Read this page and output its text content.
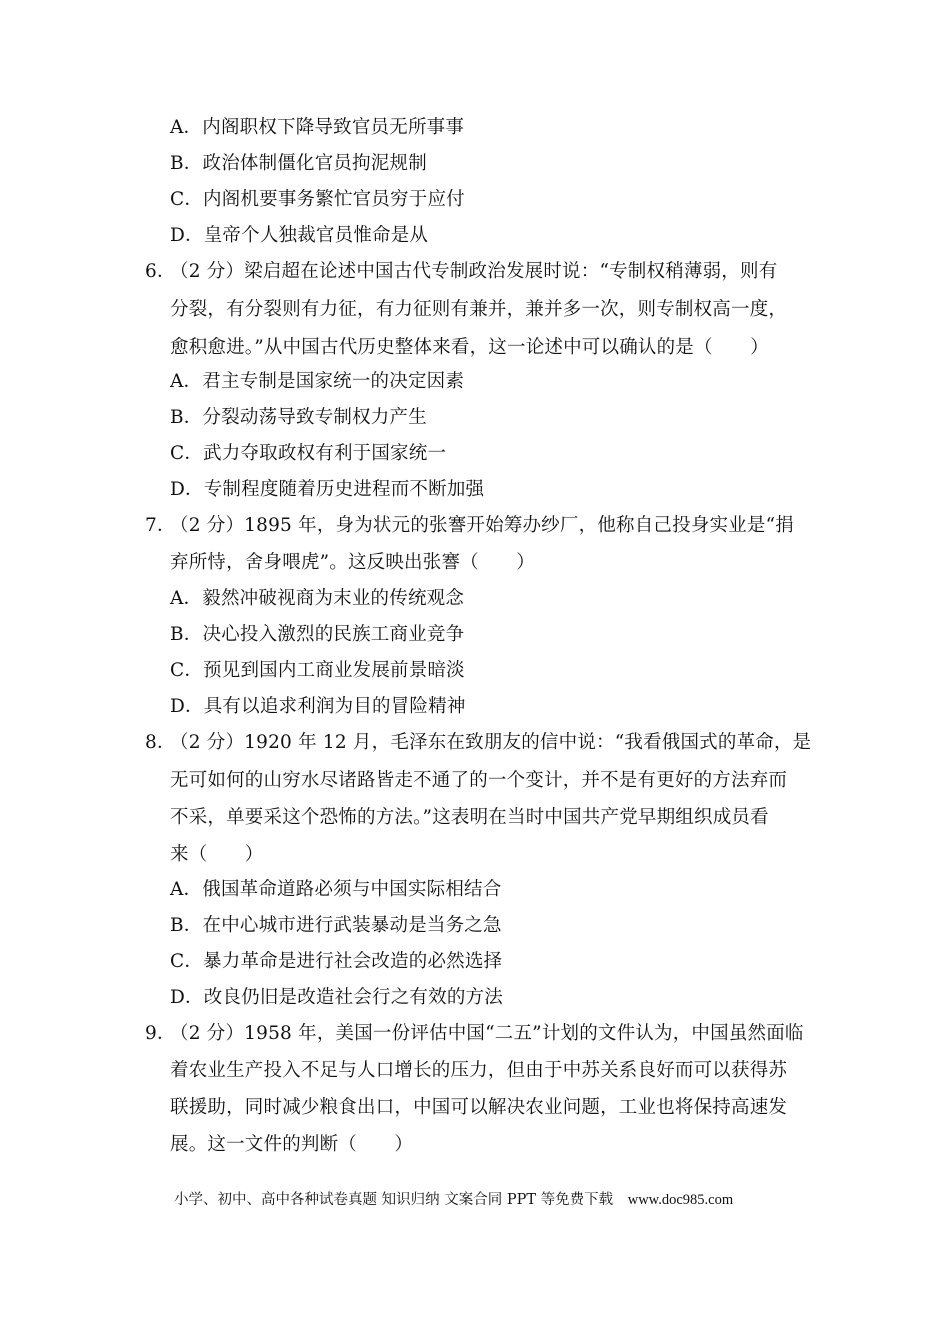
A．内阁职权下降导致官员无所事事
B．政治体制僵化官员拘泥规制
C．内阁机要事务繁忙官员穷于应付
D．皇帝个人独裁官员惟命是从
6．
（2 分）梁启超在论述中国古代专制政治发展时说：“专制权稍薄弱，则有
分裂，有分裂则有力征，有力征则有兼并，兼并多一次，则专制权高一度，
愈积愈进。”从中国古代历史整体来看，这一论述中可以确认的是（　　）
A．君主专制是国家统一的决定因素
B．分裂动荡导致专制权力产生
C．武力夺取政权有利于国家统一
D．专制程度随着历史进程而不断加强
7．
（2 分）1895 年，身为状元的张謇开始筹办纱厂，他称自己投身实业是“捐
弃所恃，舍身喂虎”。这反映出张謇（　　）
A．毅然冲破视商为末业的传统观念
B．决心投入激烈的民族工商业竞争
C．预见到国内工商业发展前景暗淡
D．具有以追求利润为目的冒险精神
8．
（2 分）1920 年 12 月，毛泽东在致朋友的信中说：“我看俄国式的革命，是
无可如何的山穷水尽诸路皆走不通了的一个变计，并不是有更好的方法弃而
不采，单要采这个恐怖的方法。”这表明在当时中国共产党早期组织成员看
来（　　）
A．俄国革命道路必须与中国实际相结合
B．在中心城市进行武装暴动是当务之急
C．暴力革命是进行社会改造的必然选择
D．改良仍旧是改造社会行之有效的方法
9．
（2 分）1958 年，美国一份评估中国“二五”计划的文件认为，中国虽然面临
着农业生产投入不足与人口增长的压力，但由于中苏关系良好而可以获得苏
联援助，同时减少粮食出口，中国可以解决农业问题，工业也将保持高速发
展。这一文件的判断（　　）
小学、初中、高中各种试卷真题 知识归纳 文案合同 PPT 等免费下载 www.doc985.com
